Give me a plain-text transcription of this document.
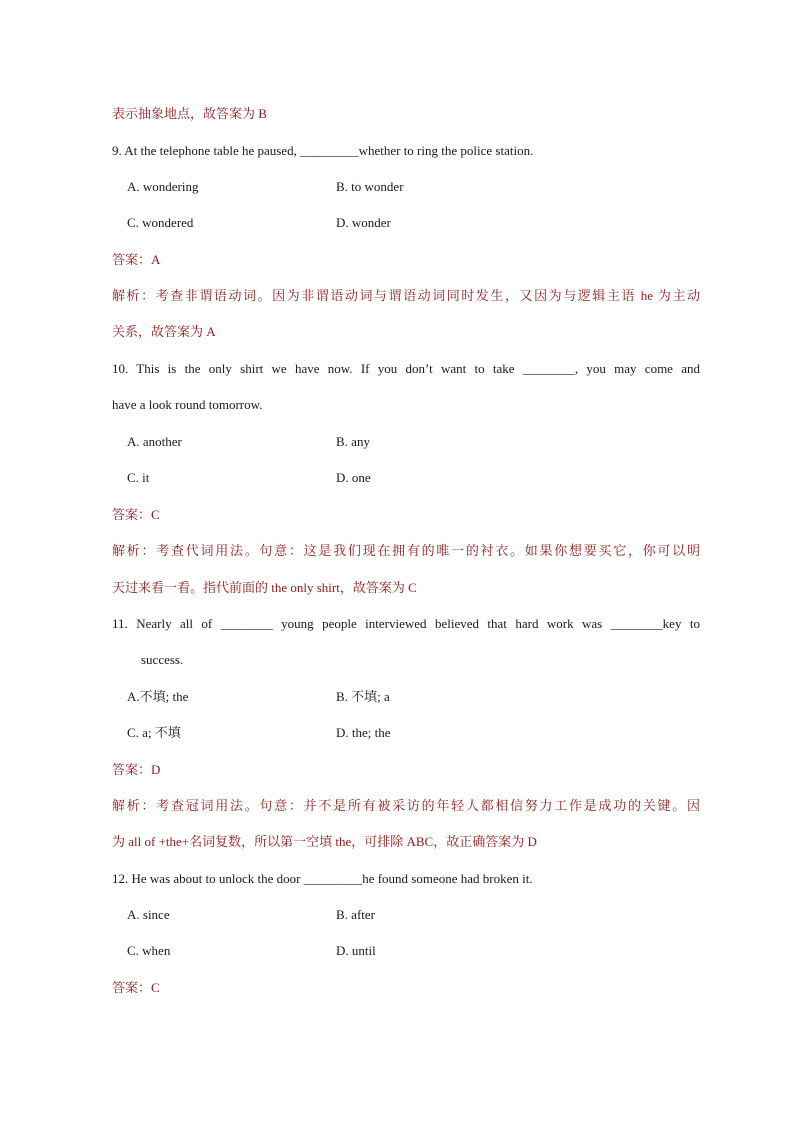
表示抽象地点，故答案为 B
9. At the telephone table he paused, _________whether to ring the police station.
A. wondering	B. to wonder
C. wondered	D. wonder
答案：A
解析：考查非谓语动词。因为非谓语动词与谓语动词同时发生，又因为与逻辑主语 he 为主动
关系，故答案为 A
10. This is the only shirt we have now. If you don’t want to take ________, you may come and
have a look round tomorrow.
A. another	B. any
C. it	D. one
答案：C
解析：考查代词用法。句意：这是我们现在拥有的唯一的衬衣。如果你想要买它，你可以明
天过来看一看。指代前面的 the only shirt，故答案为 C
11. Nearly all of ________ young people interviewed believed that hard work was ________key to
success.
A.不填; the	B. 不填; a
C. a; 不填	D. the; the
答案：D
解析：考查冠词用法。句意：并不是所有被采访的年轻人都相信努力工作是成功的关键。因
为 all of +the+名词复数，所以第一空填 the，可排除 ABC，故正确答案为 D
12. He was about to unlock the door _________he found someone had broken it.
A. since	B. after
C. when	D. until
答案：C
